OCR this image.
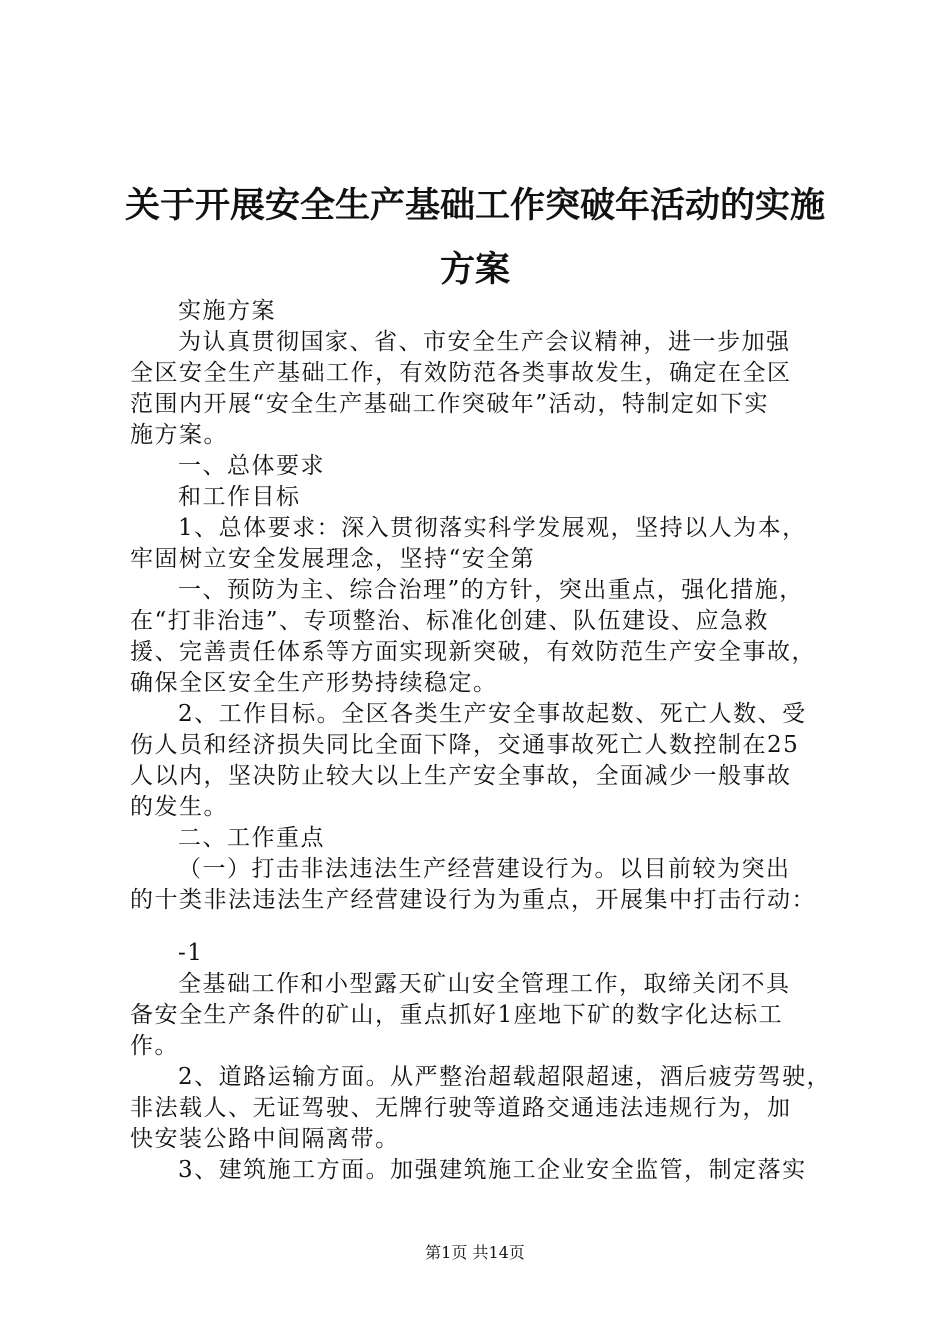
关于开展安全生产基础工作突破年活动的实施
方案

实施方案

为认真贯彻国家、省、市安全生产会议精神，进一步加强

全区安全生产基础工作，有效防范各类事故发生，确定在全区

范围内开展“安全生产基础工作突破年”活动，特制定如下实

施方案。

一、总体要求

和工作目标

1、总体要求：深入贯彻落实科学发展观，坚持以人为本，

牢固树立安全发展理念，坚持“安全第

一、预防为主、综合治理”的方针，突出重点，强化措施，

在“打非治违”、专项整治、标准化创建、队伍建设、应急救

援、完善责任体系等方面实现新突破，有效防范生产安全事故，

确保全区安全生产形势持续稳定。

2、工作目标。全区各类生产安全事故起数、死亡人数、受

伤人员和经济损失同比全面下降，交通事故死亡人数控制在25

人以内，坚决防止较大以上生产安全事故，全面减少一般事故

的发生。

二、工作重点

（一）打击非法违法生产经营建设行为。以目前较为突出

的十类非法违法生产经营建设行为为重点，开展集中打击行动：

-1

全基础工作和小型露天矿山安全管理工作，取缔关闭不具

备安全生产条件的矿山，重点抓好1座地下矿的数字化达标工

作。

2、道路运输方面。从严整治超载超限超速，酒后疲劳驾驶，

非法载人、无证驾驶、无牌行驶等道路交通违法违规行为，加

快安装公路中间隔离带。

3、建筑施工方面。加强建筑施工企业安全监管，制定落实

第1页 共14页
